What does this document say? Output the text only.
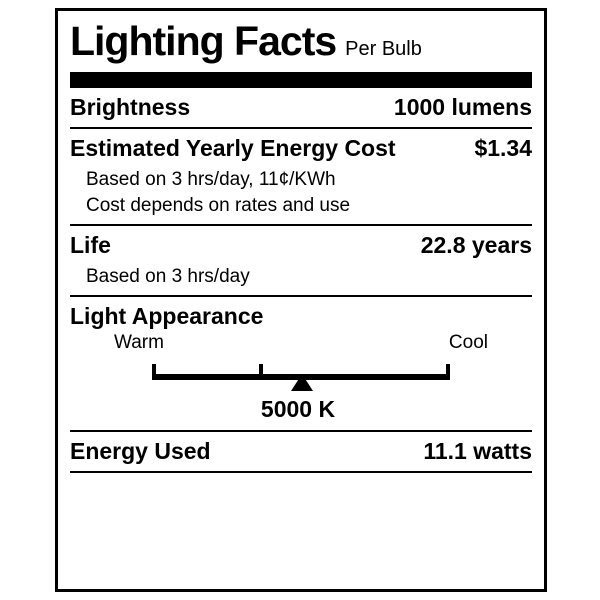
Lighting Facts Per Bulb
Brightness	1000 lumens
Estimated Yearly Energy Cost	$1.34
Based on 3 hrs/day, 11¢/KWh
Cost depends on rates and use
Life	22.8 years
Based on 3 hrs/day
Light Appearance
Warm	Cool
5000 K
Energy Used	11.1 watts
